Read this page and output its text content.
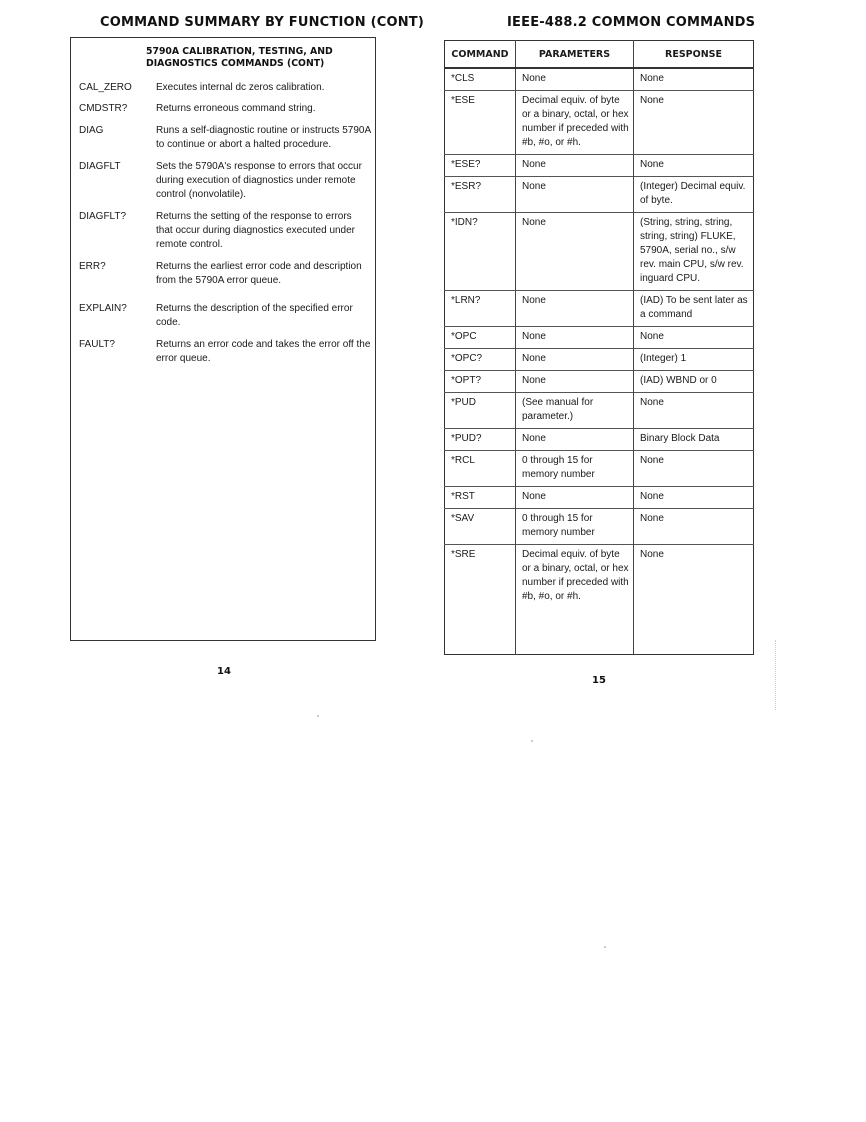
COMMAND SUMMARY BY FUNCTION (CONT)	IEEE-488.2 COMMON COMMANDS
5790A CALIBRATION, TESTING, AND DIAGNOSTICS COMMANDS (CONT)
CAL_ZERO	Executes internal dc zeros calibration.
CMDSTR?	Returns erroneous command string.
DIAG	Runs a self-diagnostic routine or instructs 5790A to continue or abort a halted procedure.
DIAGFLT	Sets the 5790A's response to errors that occur during execution of diagnostics under remote control (nonvolatile).
DIAGFLT?	Returns the setting of the response to errors that occur during diagnostics executed under remote control.
ERR?	Returns the earliest error code and description from the 5790A error queue.
EXPLAIN?	Returns the description of the specified error code.
FAULT?	Returns an error code and takes the error off the error queue.
14
COMMAND	PARAMETERS	RESPONSE
*CLS	None	None
*ESE	Decimal equiv. of byte or a binary, octal, or hex number if preceded with #b, #o, or #h.	None
*ESE?	None	None
*ESR?	None	(Integer) Decimal equiv. of byte.
*IDN?	None	(String, string, string, string, string) FLUKE, 5790A, serial no., s/w rev. main CPU, s/w rev. inguard CPU.
*LRN?	None	(IAD) To be sent later as a command
*OPC	None	None
*OPC?	None	(Integer) 1
*OPT?	None	(IAD) WBND or 0
*PUD	(See manual for parameter.)	None
*PUD?	None	Binary Block Data
*RCL	0 through 15 for memory number	None
*RST	None	None
*SAV	0 through 15 for memory number	None
*SRE	Decimal equiv. of byte or a binary, octal, or hex number if preceded with #b, #o, or #h.	None
15
